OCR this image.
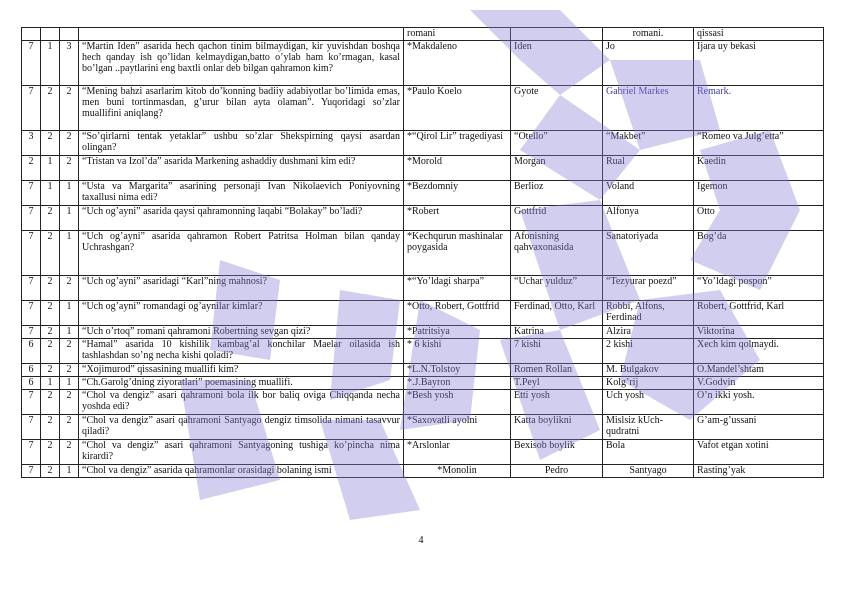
				romani		romani.	qissasi
7	1	3	“Martin Iden” asarida hech qachon tinim bilmaydigan, kir yuvishdan boshqa hech qanday ish qo’lidan kelmaydigan,batto o’ylab ham ko’rmagan, kasal bo’lgan ..paytlarini eng baxtli onlar deb bilgan qahramon kim?	*Makdaleno	Iden	Jo	Ijara uy bekasi
7	2	2	“Mening bahzi asarlarim kitob do’konning badiiy adabiyotlar bo’limida emas, men buni tortinmasdan, g’urur bilan ayta olaman”. Yuqoridagi so’zlar muallifini aniqlang?	*Paulo Koelo	Gyote	Gabriel Markes	Remark.
3	2	2	“So’qirlarni tentak yetaklar” ushbu so’zlar Shekspirning qaysi asardan olingan?	*“Qirol Lir” tragediyasi	“Otello”	“Makbet”	“Romeo va Julg’etta”
2	1	2	“Tristan va Izol’da” asarida Markening ashaddiy dushmani kim edi?	*Morold	Morgan	Rual	Kaedin
7	1	1	“Usta va Margarita” asarining personaji Ivan Nikolaevich Poniyovning taxallusi nima edi?	*Bezdomniy	Berlioz	Voland	Igemon
7	2	1	“Uch og’ayni” asarida qaysi qahramonning laqabi “Bolakay” bo’ladi?	*Robert	Gottfrid	Alfonya	Otto
7	2	1	“Uch og’ayni” asarida qahramon Robert Patritsa Holman bilan qanday Uchrashgan?	*Kechqurun mashinalar poygasida	Afonisning qahvaxonasida	Sanatoriyada	Bog’da
7	2	2	“Uch og’ayni” asaridagi “Karl”ning mahnosi?	*“Yo’ldagi sharpa”	“Uchar yulduz”	“Tezyurar poezd”	“Yo’ldagi pospon”
7	2	1	“Uch og’ayni” romandagi og’aynilar kimlar?	*Otto, Robert, Gottfrid	Ferdinad, Otto, Karl	Robbi, Alfons, Ferdinad	Robert, Gottfrid, Karl
7	2	1	“Uch o’rtoq” romani qahramoni Robertning sevgan qizi?	*Patritsiya	Katrina	Alzira	Viktorina
6	2	2	“Hamal” asarida 10 kishilik kambag’al konchilar Maelar oilasida ish tashlashdan so’ng necha kishi qoladi?	* 6 kishi	7 kishi	2 kishi	Xech kim qolmaydi.
6	2	2	“Xojimurod” qissasining muallifi kim?	*L.N.Tolstoy	Romen Rollan	M. Bulgakov	O.Mandel’shtam
6	1	1	“Ch.Garolg’dning ziyoratlari” poemasining muallifi.	*.J.Bayron	T.Peyl	Kolg’rij	V.Godvin
7	2	2	“Chol va dengiz” asari qahramoni bola ilk bor baliq oviga Chiqqanda necha yoshda edi?	*Besh yosh	Etti yosh	Uch yosh	O’n ikki yosh.
7	2	2	“Chol va dengiz” asari qahramoni Santyago dengiz timsolida nimani tasavvur qiladi?	*Saxovatli ayolni	Katta boylikni	Mislsiz kUch-qudratni	G’am-g’ussani
7	2	2	“Chol va dengiz” asari qahramoni Santyagoning tushiga ko’pincha nima kirardi?	*Arslonlar	Bexisob boylik	Bola	Vafot etgan xotini
7	2	1	“Chol va dengiz” asarida qahramonlar orasidagi bolaning ismi	*Monolin	Pedro	Santyago	Rasting’yak
4
